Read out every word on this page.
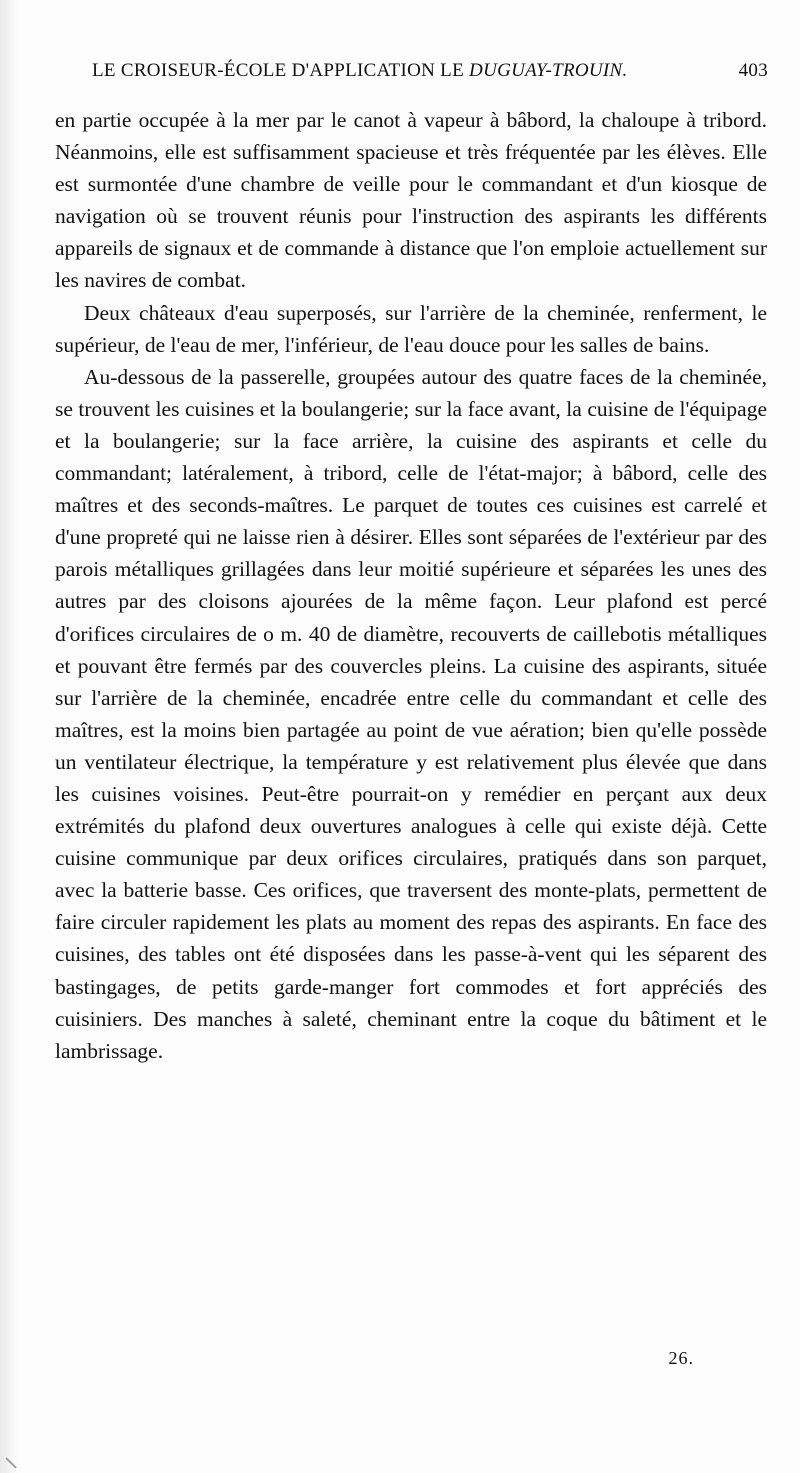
LE CROISEUR-ÉCOLE D'APPLICATION LE DUGUAY-TROUIN.	403

en partie occupée à la mer par le canot à vapeur à bâbord, la chaloupe à tribord. Néanmoins, elle est suffisamment spacieuse et très fréquentée par les élèves. Elle est surmontée d'une chambre de veille pour le commandant et d'un kiosque de navigation où se trouvent réunis pour l'instruction des aspirants les différents appareils de signaux et de commande à distance que l'on emploie actuellement sur les navires de combat.

Deux châteaux d'eau superposés, sur l'arrière de la cheminée, renferment, le supérieur, de l'eau de mer, l'inférieur, de l'eau douce pour les salles de bains.

Au-dessous de la passerelle, groupées autour des quatre faces de la cheminée, se trouvent les cuisines et la boulangerie; sur la face avant, la cuisine de l'équipage et la boulangerie; sur la face arrière, la cuisine des aspirants et celle du commandant; latéralement, à tribord, celle de l'état-major; à bâbord, celle des maîtres et des seconds-maîtres. Le parquet de toutes ces cuisines est carrelé et d'une propreté qui ne laisse rien à désirer. Elles sont séparées de l'extérieur par des parois métalliques grillagées dans leur moitié supérieure et séparées les unes des autres par des cloisons ajourées de la même façon. Leur plafond est percé d'orifices circulaires de o m. 40 de diamètre, recouverts de caillebotis métalliques et pouvant être fermés par des couvercles pleins. La cuisine des aspirants, située sur l'arrière de la cheminée, encadrée entre celle du commandant et celle des maîtres, est la moins bien partagée au point de vue aération; bien qu'elle possède un ventilateur électrique, la température y est relativement plus élevée que dans les cuisines voisines. Peut-être pourrait-on y remédier en perçant aux deux extrémités du plafond deux ouvertures analogues à celle qui existe déjà. Cette cuisine communique par deux orifices circulaires, pratiqués dans son parquet, avec la batterie basse. Ces orifices, que traversent des monte-plats, permettent de faire circuler rapidement les plats au moment des repas des aspirants. En face des cuisines, des tables ont été disposées dans les passe-à-vent qui les séparent des bastingages, de petits garde-manger fort commodes et fort appréciés des cuisiniers. Des manches à saleté, cheminant entre la coque du bâtiment et le lambrissage.

26.
